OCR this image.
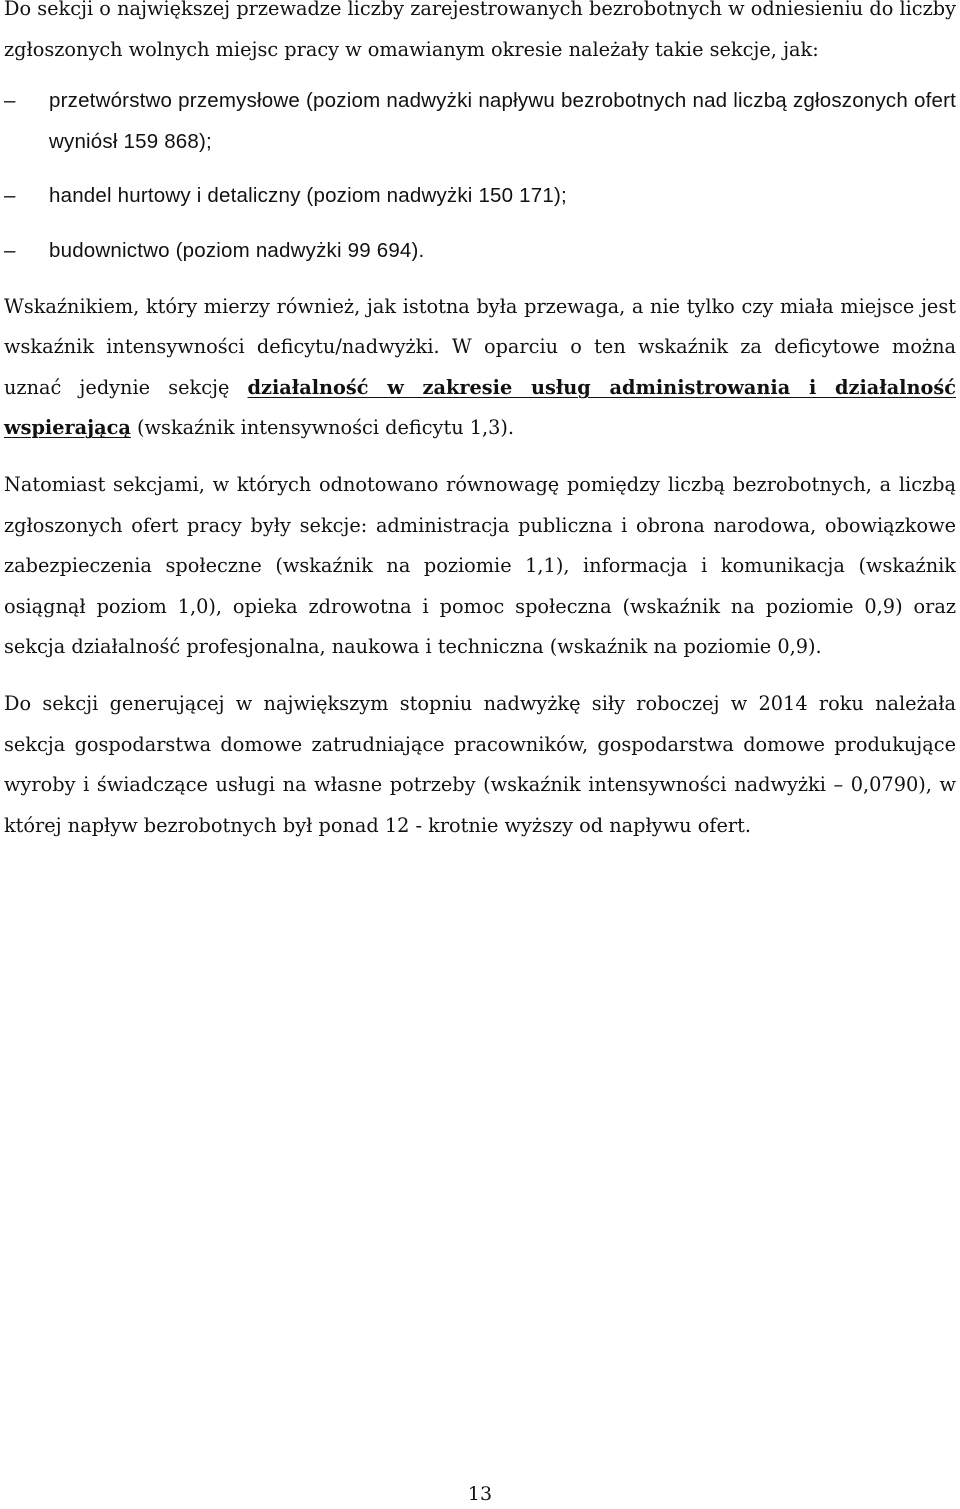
Do sekcji o największej przewadze liczby zarejestrowanych bezrobotnych w odniesieniu do liczby zgłoszonych wolnych miejsc pracy w omawianym okresie należały takie sekcje, jak:

–	przetwórstwo przemysłowe (poziom nadwyżki napływu bezrobotnych nad liczbą zgłoszonych ofert wyniósł 159 868);
–	handel hurtowy i detaliczny (poziom nadwyżki 150 171);
–	budownictwo (poziom nadwyżki 99 694).

Wskaźnikiem, który mierzy również, jak istotna była przewaga, a nie tylko czy miała miejsce jest wskaźnik intensywności deficytu/nadwyżki. W oparciu o ten wskaźnik za deficytowe można uznać jedynie sekcję działalność w zakresie usług administrowania i działalność wspierającą (wskaźnik intensywności deficytu 1,3).

Natomiast sekcjami, w których odnotowano równowagę pomiędzy liczbą bezrobotnych, a liczbą zgłoszonych ofert pracy były sekcje: administracja publiczna i obrona narodowa, obowiązkowe zabezpieczenia społeczne (wskaźnik na poziomie 1,1), informacja i komunikacja (wskaźnik osiągnął poziom 1,0), opieka zdrowotna i pomoc społeczna (wskaźnik na poziomie 0,9) oraz sekcja działalność profesjonalna, naukowa i techniczna (wskaźnik na poziomie 0,9).

Do sekcji generującej w największym stopniu nadwyżkę siły roboczej w 2014 roku należała sekcja gospodarstwa domowe zatrudniające pracowników, gospodarstwa domowe produkujące wyroby i świadczące usługi na własne potrzeby (wskaźnik intensywności nadwyżki – 0,0790), w której napływ bezrobotnych był ponad 12 - krotnie wyższy od napływu ofert.

13
